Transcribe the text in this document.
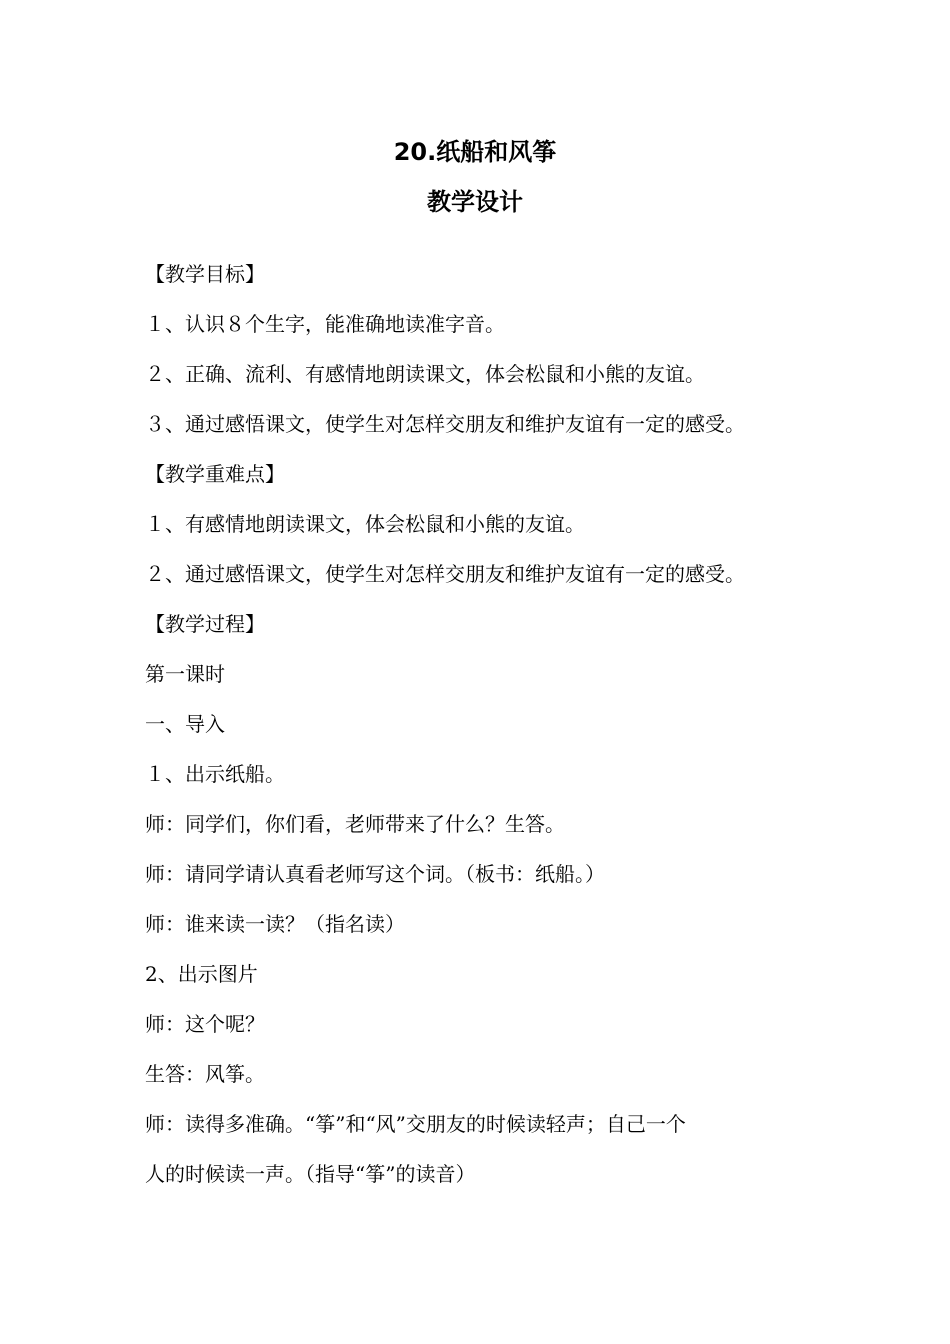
20.纸船和风筝
教学设计

【教学目标】

１、认识８个生字，能准确地读准字音。

２、正确、流利、有感情地朗读课文，体会松鼠和小熊的友谊。

３、通过感悟课文，使学生对怎样交朋友和维护友谊有一定的感受。

【教学重难点】

１、有感情地朗读课文，体会松鼠和小熊的友谊。

２、通过感悟课文，使学生对怎样交朋友和维护友谊有一定的感受。

【教学过程】

第一课时

一、导入

１、出示纸船。

师：同学们，你们看，老师带来了什么？生答。

师：请同学请认真看老师写这个词。（板书：纸船。）

师：谁来读一读？（指名读）

2、出示图片

师：这个呢？

生答：风筝。

师：读得多准确。“筝”和“风”交朋友的时候读轻声；自己一个

人的时候读一声。（指导“筝”的读音）
